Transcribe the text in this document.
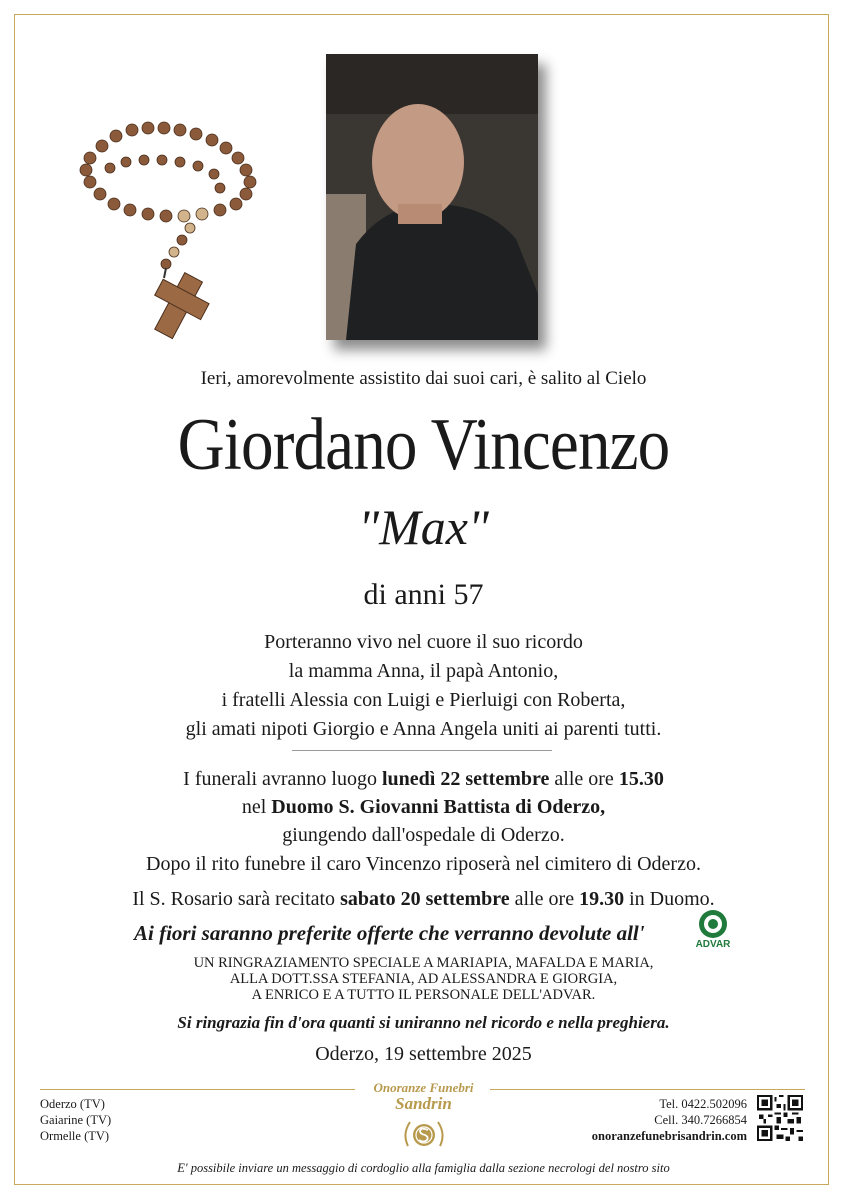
Ieri, amorevolmente assistito dai suoi cari, è salito al Cielo
Giordano Vincenzo
"Max"
di anni 57
Porteranno vivo nel cuore il suo ricordo
la mamma Anna, il papà Antonio,
i fratelli Alessia con Luigi e Pierluigi con Roberta,
gli amati nipoti Giorgio e Anna Angela uniti ai parenti tutti.
I funerali avranno luogo lunedì 22 settembre alle ore 15.30
nel Duomo S. Giovanni Battista di Oderzo,
giungendo dall'ospedale di Oderzo.
Dopo il rito funebre il caro Vincenzo riposerà nel cimitero di Oderzo.
Il S. Rosario sarà recitato sabato 20 settembre alle ore 19.30 in Duomo.
Ai fiori saranno preferite offerte che verranno devolute all'	ADVAR
UN RINGRAZIAMENTO SPECIALE A MARIAPIA, MAFALDA E MARIA,
ALLA DOTT.SSA STEFANIA, AD ALESSANDRA E GIORGIA,
A ENRICO E A TUTTO IL PERSONALE DELL'ADVAR.
Si ringrazia fin d'ora quanti si uniranno nel ricordo e nella preghiera.
Oderzo, 19 settembre 2025
Onoranze Funebri
Sandrin
Oderzo (TV)
Gaiarine (TV)
Ormelle (TV)
Tel. 0422.502096
Cell. 340.7266854
onoranzefunebrisandrin.com
E' possibile inviare un messaggio di cordoglio alla famiglia dalla sezione necrologi del nostro sito
